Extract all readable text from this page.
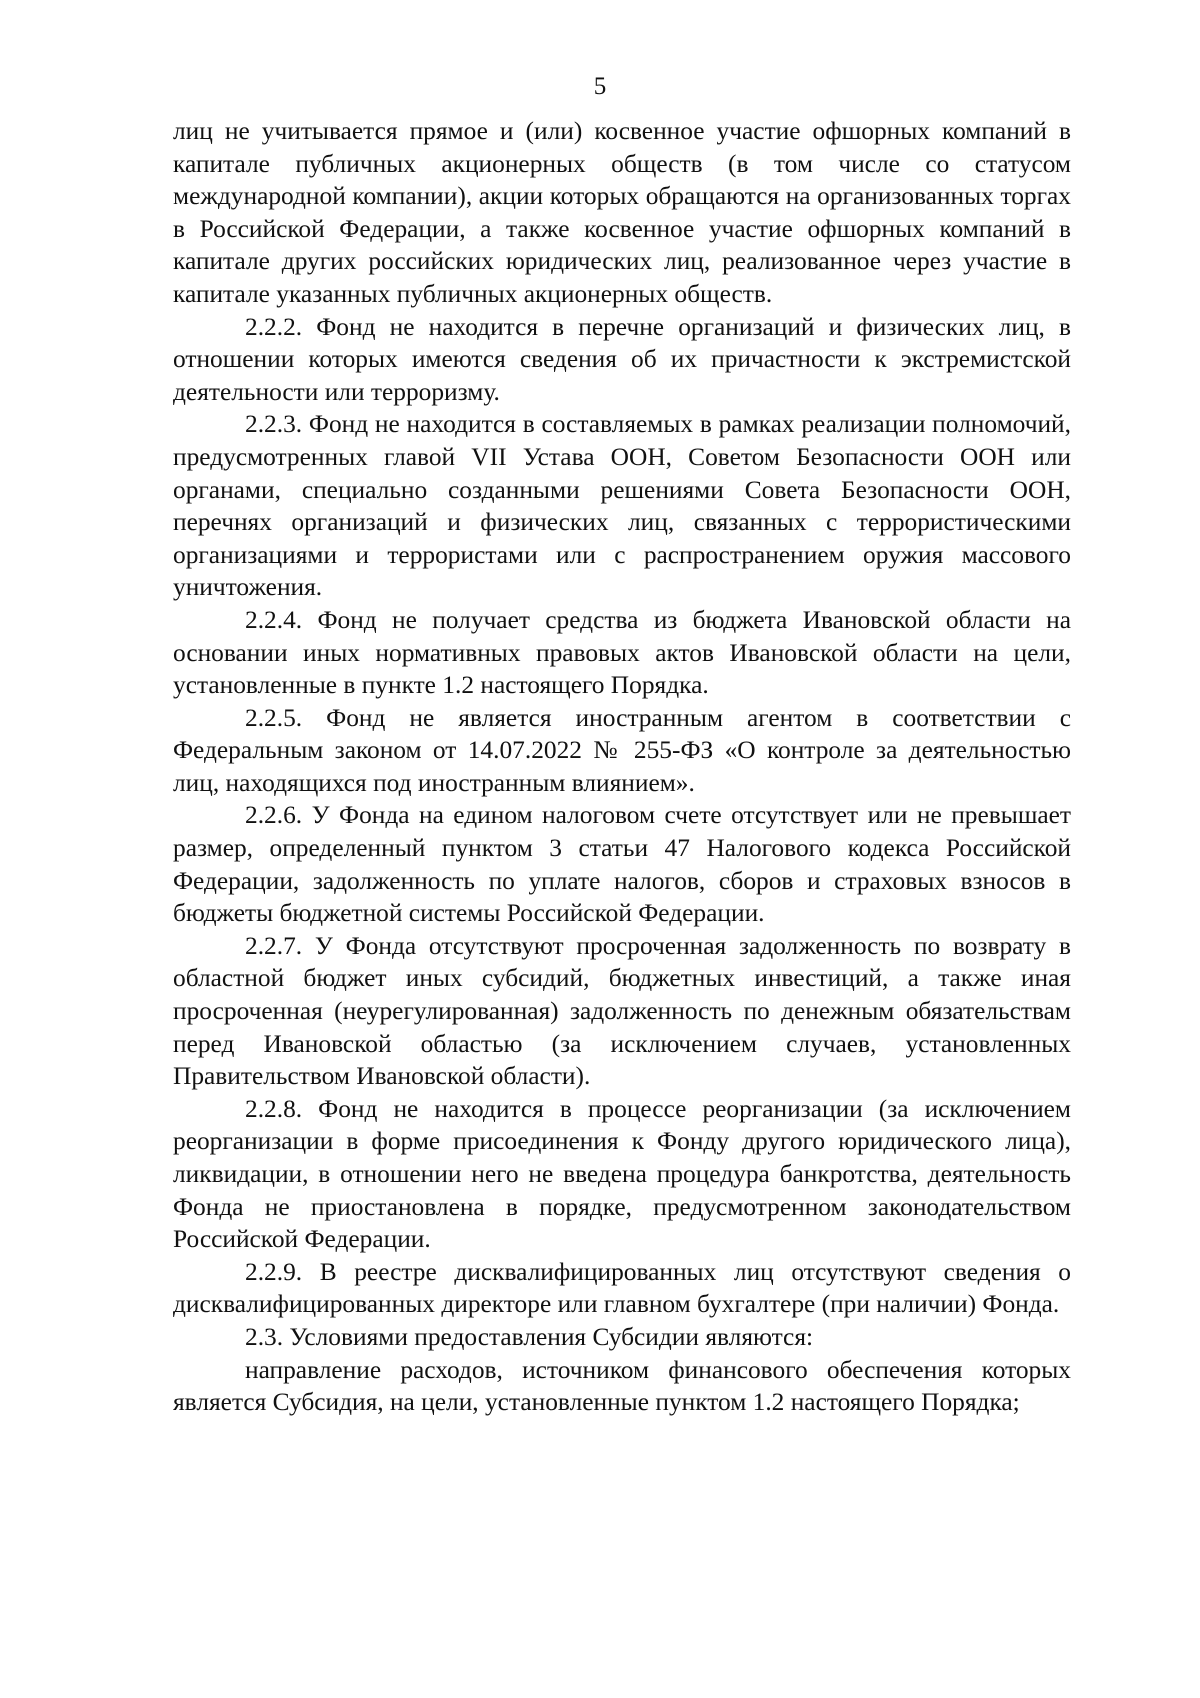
5

лиц не учитывается прямое и (или) косвенное участие офшорных компаний в капитале публичных акционерных обществ (в том числе со статусом международной компании), акции которых обращаются на организованных торгах в Российской Федерации, а также косвенное участие офшорных компаний в капитале других российских юридических лиц, реализованное через участие в капитале указанных публичных акционерных обществ.

2.2.2. Фонд не находится в перечне организаций и физических лиц, в отношении которых имеются сведения об их причастности к экстремистской деятельности или терроризму.

2.2.3. Фонд не находится в составляемых в рамках реализации полномочий, предусмотренных главой VII Устава ООН, Советом Безопасности ООН или органами, специально созданными решениями Совета Безопасности ООН, перечнях организаций и физических лиц, связанных с террористическими организациями и террористами или с распространением оружия массового уничтожения.

2.2.4. Фонд не получает средства из бюджета Ивановской области на основании иных нормативных правовых актов Ивановской области на цели, установленные в пункте 1.2 настоящего Порядка.

2.2.5. Фонд не является иностранным агентом в соответствии с Федеральным законом от 14.07.2022 № 255-ФЗ «О контроле за деятельностью лиц, находящихся под иностранным влиянием».

2.2.6. У Фонда на едином налоговом счете отсутствует или не превышает размер, определенный пунктом 3 статьи 47 Налогового кодекса Российской Федерации, задолженность по уплате налогов, сборов и страховых взносов в бюджеты бюджетной системы Российской Федерации.

2.2.7. У Фонда отсутствуют просроченная задолженность по возврату в областной бюджет иных субсидий, бюджетных инвестиций, а также иная просроченная (неурегулированная) задолженность по денежным обязательствам перед Ивановской областью (за исключением случаев, установленных Правительством Ивановской области).

2.2.8. Фонд не находится в процессе реорганизации (за исключением реорганизации в форме присоединения к Фонду другого юридического лица), ликвидации, в отношении него не введена процедура банкротства, деятельность Фонда не приостановлена в порядке, предусмотренном законодательством Российской Федерации.

2.2.9. В реестре дисквалифицированных лиц отсутствуют сведения о дисквалифицированных директоре или главном бухгалтере (при наличии) Фонда.

2.3. Условиями предоставления Субсидии являются:

направление расходов, источником финансового обеспечения которых является Субсидия, на цели, установленные пунктом 1.2 настоящего Порядка;
